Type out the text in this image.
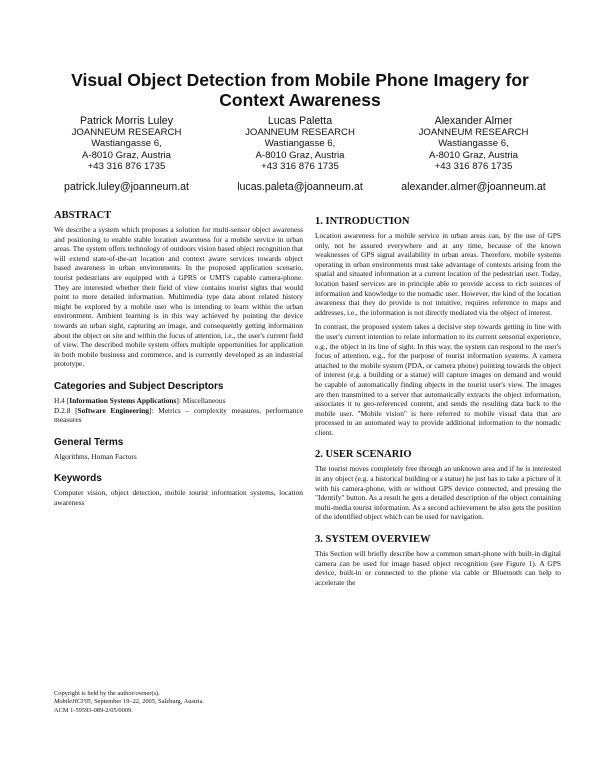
Visual Object Detection from Mobile Phone Imagery for Context Awareness
Patrick Morris Luley
JOANNEUM RESEARCH
Wastiangasse 6,
A-8010 Graz, Austria
+43 316 876 1735
patrick.luley@joanneum.at
Lucas Paletta
JOANNEUM RESEARCH
Wastiangasse 6,
A-8010 Graz, Austria
+43 316 876 1735
lucas.paleta@joanneum.at
Alexander Almer
JOANNEUM RESEARCH
Wastiangasse 6,
A-8010 Graz, Austria
+43 316 876 1735
alexander.almer@joanneum.at
ABSTRACT

We describe a system which proposes a solution for multi-sensor object awareness and positioning to enable stable location awareness for a mobile service in urban areas. The system offers technology of outdoors vision based object recognition that will extend state-of-the-art location and context aware services towards object based awareness in urban environments. In the proposed application scenario, tourist pedestrians are equipped with a GPRS or UMTS capable camera-phone. They are interested whether their field of view contains tourist sights that would point to more detailed information. Multimedia type data about related history might be explored by a mobile user who is intending to learn within the urban environment. Ambient learning is in this way achieved by pointing the device towards an urban sight, capturing an image, and consequently getting information about the object on site and within the focus of attention, i.e., the user's current field of view. The described mobile system offers multiple opportunities for application in both mobile business and commerce, and is currently developed as an industrial prototype.

Categories and Subject Descriptors
H.4 [Information Systems Applications]: Miscellaneous
D.2.8 [Software Engineering]: Metrics – complexity measures, performance measures
General Terms
Algorithms, Human Factors
Keywords
Computer vision, object detection, mobile tourist information systems, location awareness
Copyright is held by the author/owner(s).
MobileHCI'05, September 19–22, 2005, Salzburg, Austria.
ACM 1-59593-089-2/05/0009.
1. INTRODUCTION

Location awareness for a mobile service in urban areas can, by the use of GPS only, not be assured everywhere and at any time, because of the known weaknesses of GPS signal availability in urban areas. Therefore, mobile systems operating in urban environments must take advantage of contexts arising from the spatial and situated information at a current location of the pedestrian user. Today, location based services are in principle able to provide access to rich sources of information and knowledge to the nomadic user. However, the kind of the location awareness that they do provide is not intuitive, requires reference to maps and addresses, i.e., the information is not directly mediated via the object of interest.

In contrast, the proposed system takes a decisive step towards getting in line with the user's current intention to relate information to its current sensorial experience, e.g., the object in its line of sight. In this way, the system can respond to the user's focus of attention, e.g., for the purpose of tourist information systems. A camera attached to the mobile system (PDA, or camera phone) pointing towards the object of interest (e.g. a building or a statue) will capture images on demand and would be capable of automatically finding objects in the tourist user's view. The images are then transmitted to a server that automatically extracts the object information, associates it to geo-referenced content, and sends the resulting data back to the mobile user. "Mobile vision" is here referred to mobile visual data that are processed in an automated way to provide additional information to the nomadic client.

2. USER SCENARIO

The tourist moves completely free through an unknown area and if he is interested in any object (e.g. a historical building or a statue) he just has to take a picture of it with his camera-phone, with or without GPS device connected, and pressing the "Identify" button. As a result he gets a detailed description of the object containing multi-media tourist information. As a second achievement he also gets the position of the identified object which can be used for navigation.

3. SYSTEM OVERVIEW

This Section will briefly describe how a common smart-phone with built-in digital camera can be used for image based object recognition (see Figure 1). A GPS device, built-in or connected to the phone via cable or Bluetooth can help to accelerate the
